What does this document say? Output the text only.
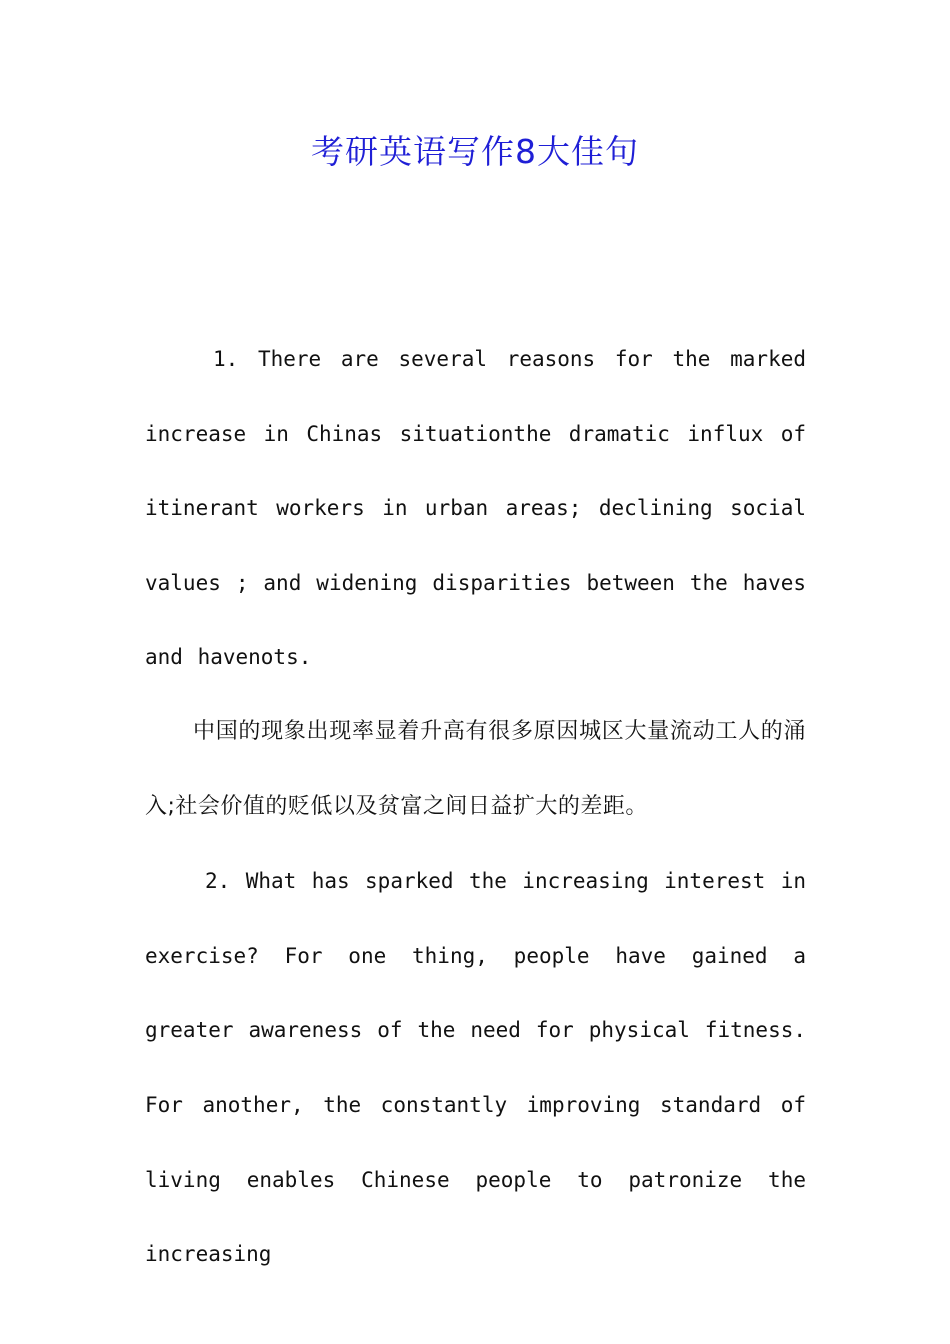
考研英语写作8大佳句

1. There are several reasons for the marked increase in Chinas situationthe dramatic influx of itinerant workers in urban areas; declining social values ; and widening disparities between the haves and havenots.

中国的现象出现率显着升高有很多原因城区大量流动工人的涌入;社会价值的贬低以及贫富之间日益扩大的差距。

2. What has sparked the increasing interest in exercise? For one thing, people have gained a greater awareness of the need for physical fitness. For another, the constantly improving standard of living enables Chinese people to patronize the increasing
